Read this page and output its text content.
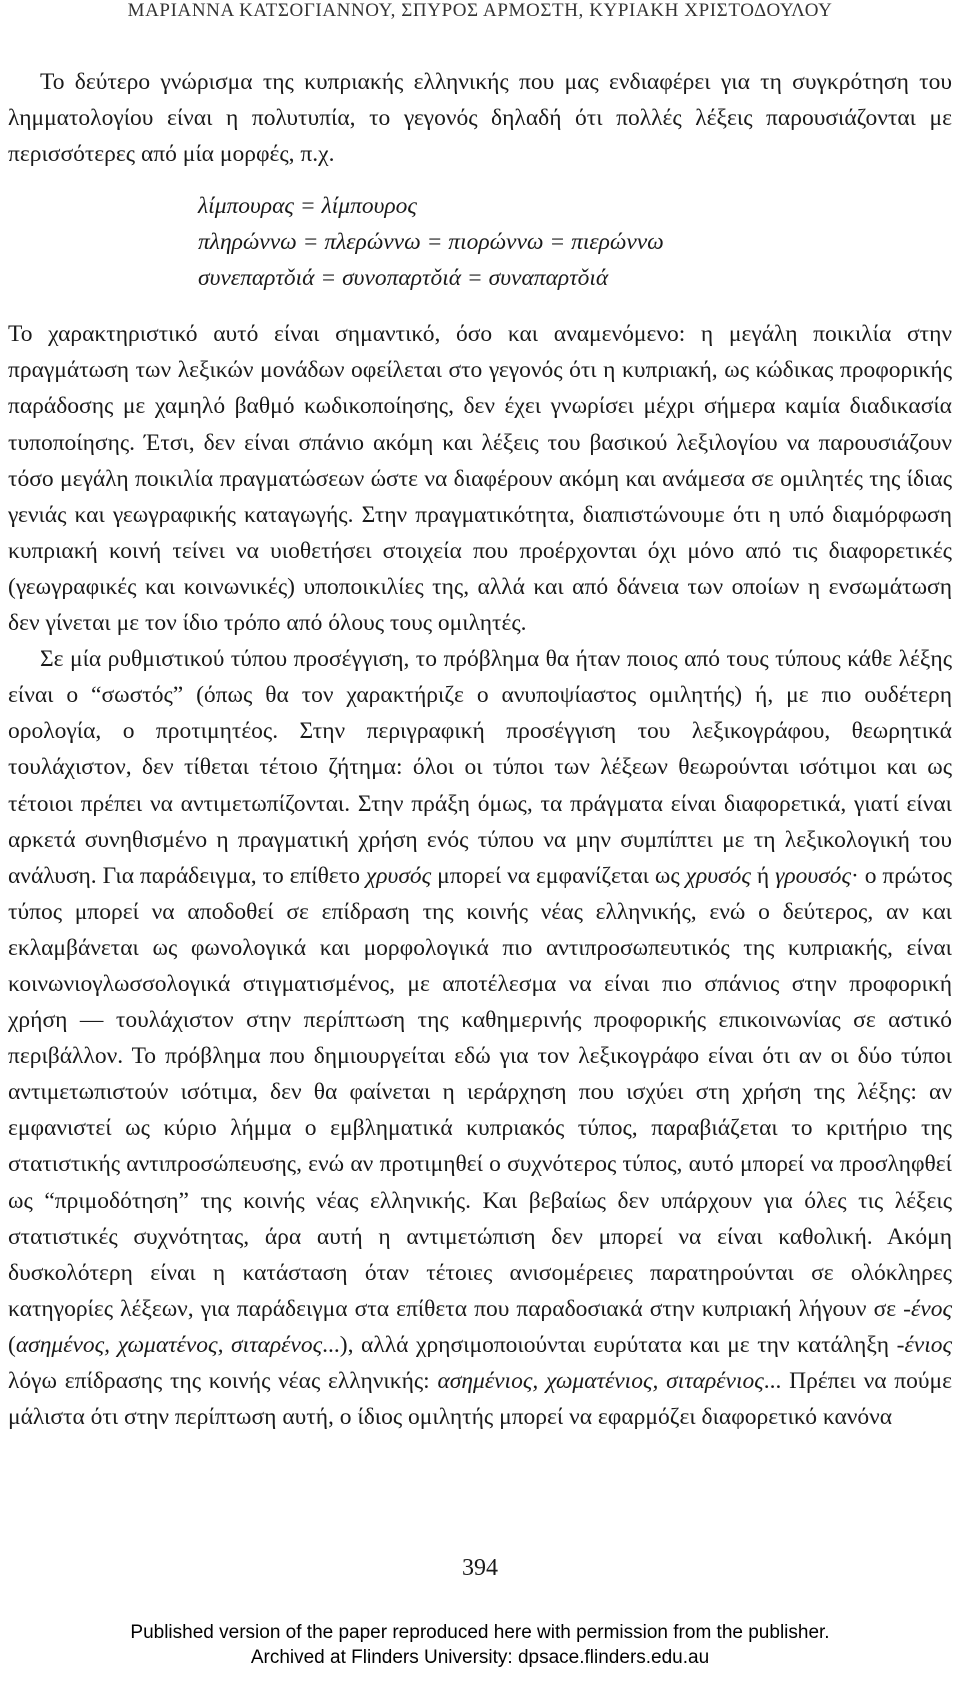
ΜΑΡΙΑΝΝΑ ΚΑΤΣΟΓΙΑΝΝΟΥ, ΣΠΥΡΟΣ ΑΡΜΟΣΤΗ, ΚΥΡΙΑΚΗ ΧΡΙΣΤΟΔΟΥΛΟΥ

Το δεύτερο γνώρισμα της κυπριακής ελληνικής που μας ενδιαφέρει για τη συγκρότηση του λημματολογίου είναι η πολυτυπία, το γεγονός δηλαδή ότι πολλές λέξεις παρουσιάζονται με περισσότερες από μία μορφές, π.χ.

λίμπουρας = λίμπουρος
πληρώννω = πλερώννω = πιορώννω = πιερώννω
συνεπαρτǒιά = συνοπαρτǒιά = συναπαρτǒιά

Το χαρακτηριστικό αυτό είναι σημαντικό, όσο και αναμενόμενο: η μεγάλη ποικιλία στην πραγμάτωση των λεξικών μονάδων οφείλεται στο γεγονός ότι η κυπριακή, ως κώδικας προφορικής παράδοσης με χαμηλό βαθμό κωδικοποίησης, δεν έχει γνωρίσει μέχρι σήμερα καμία διαδικασία τυποποίησης. Έτσι, δεν είναι σπάνιο ακόμη και λέξεις του βασικού λεξιλογίου να παρουσιάζουν τόσο μεγάλη ποικιλία πραγματώσεων ώστε να διαφέρουν ακόμη και ανάμεσα σε ομιλητές της ίδιας γενιάς και γεωγραφικής καταγωγής. Στην πραγματικότητα, διαπιστώνουμε ότι η υπό διαμόρφωση κυπριακή κοινή τείνει να υιοθετήσει στοιχεία που προέρχονται όχι μόνο από τις διαφορετικές (γεωγραφικές και κοινωνικές) υποποικιλίες της, αλλά και από δάνεια των οποίων η ενσωμάτωση δεν γίνεται με τον ίδιο τρόπο από όλους τους ομιλητές.

Σε μία ρυθμιστικού τύπου προσέγγιση, το πρόβλημα θα ήταν ποιος από τους τύπους κάθε λέξης είναι ο “σωστός” (όπως θα τον χαρακτήριζε ο ανυποψίαστος ομιλητής) ή, με πιο ουδέτερη ορολογία, ο προτιμητέος. Στην περιγραφική προσέγγιση του λεξικογράφου, θεωρητικά τουλάχιστον, δεν τίθεται τέτοιο ζήτημα: όλοι οι τύποι των λέξεων θεωρούνται ισότιμοι και ως τέτοιοι πρέπει να αντιμετωπίζονται. Στην πράξη όμως, τα πράγματα είναι διαφορετικά, γιατί είναι αρκετά συνηθισμένο η πραγματική χρήση ενός τύπου να μην συμπίπτει με τη λεξικολογική του ανάλυση. Για παράδειγμα, το επίθετο χρυσός μπορεί να εμφανίζεται ως χρυσός ή γρουσός· ο πρώτος τύπος μπορεί να αποδοθεί σε επίδραση της κοινής νέας ελληνικής, ενώ ο δεύτερος, αν και εκλαμβάνεται ως φωνολογικά και μορφολογικά πιο αντιπροσωπευτικός της κυπριακής, είναι κοινωνιογλωσσολογικά στιγματισμένος, με αποτέλεσμα να είναι πιο σπάνιος στην προφορική χρήση — τουλάχιστον στην περίπτωση της καθημερινής προφορικής επικοινωνίας σε αστικό περιβάλλον. Το πρόβλημα που δημιουργείται εδώ για τον λεξικογράφο είναι ότι αν οι δύο τύποι αντιμετωπιστούν ισότιμα, δεν θα φαίνεται η ιεράρχηση που ισχύει στη χρήση της λέξης: αν εμφανιστεί ως κύριο λήμμα ο εμβληματικά κυπριακός τύπος, παραβιάζεται το κριτήριο της στατιστικής αντιπροσώπευσης, ενώ αν προτιμηθεί ο συχνότερος τύπος, αυτό μπορεί να προσληφθεί ως “πριμοδότηση” της κοινής νέας ελληνικής. Και βεβαίως δεν υπάρχουν για όλες τις λέξεις στατιστικές συχνότητας, άρα αυτή η αντιμετώπιση δεν μπορεί να είναι καθολική. Ακόμη δυσκολότερη είναι η κατάσταση όταν τέτοιες ανισομέρειες παρατηρούνται σε ολόκληρες κατηγορίες λέξεων, για παράδειγμα στα επίθετα που παραδοσιακά στην κυπριακή λήγουν σε -ένος (ασημένος, χωματένος, σιταρένος...), αλλά χρησιμοποιούνται ευρύτατα και με την κατάληξη -ένιος λόγω επίδρασης της κοινής νέας ελληνικής: ασημένιος, χωματένιος, σιταρένιος... Πρέπει να πούμε μάλιστα ότι στην περίπτωση αυτή, ο ίδιος ομιλητής μπορεί να εφαρμόζει διαφορετικό κανόνα

394
Published version of the paper reproduced here with permission from the publisher.
Archived at Flinders University: dpsace.flinders.edu.au
